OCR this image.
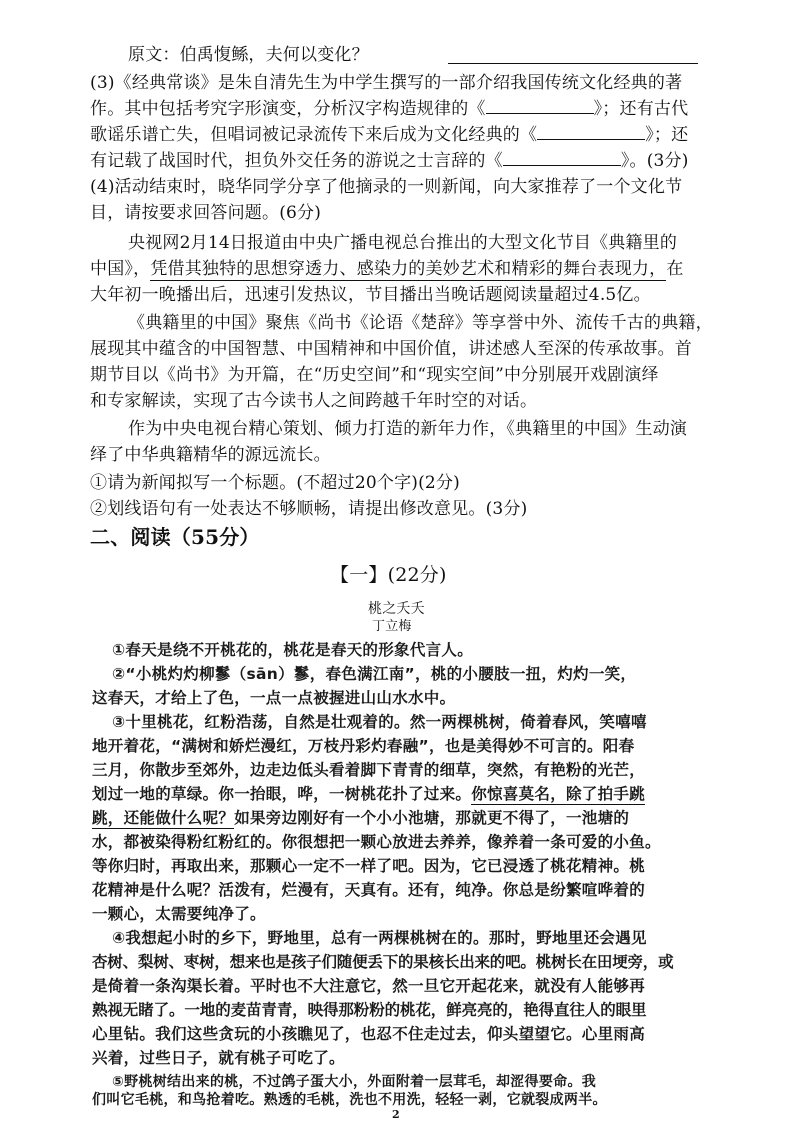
原文：伯禹愎鲧，夫何以变化？
(3)《经典常谈》是朱自清先生为中学生撰写的一部介绍我国传统文化经典的著
作。其中包括考究字形演变，分析汉字构造规律的《	》；还有古代
歌谣乐谱亡失，但唱词被记录流传下来后成为文化经典的《	》；还
有记载了战国时代，担负外交任务的游说之士言辞的《	》。(3分)
(4)活动结束时，晓华同学分享了他摘录的一则新闻，向大家推荐了一个文化节
目，请按要求回答问题。(6分)
央视网2月14日报道由中央广播电视总台推出的大型文化节目《典籍里的
中国》，凭借其独特的思想穿透力、感染力的美妙艺术和精彩的舞台表现力，在
大年初一晚播出后，迅速引发热议，节目播出当晚话题阅读量超过4.5亿。
《典籍里的中国》聚焦《尚书《论语《楚辞》等享誉中外、流传千古的典籍，
展现其中蕴含的中国智慧、中国精神和中国价值，讲述感人至深的传承故事。首
期节目以《尚书》为开篇，在“历史空间”和“现实空间”中分别展开戏剧演绎
和专家解读，实现了古今读书人之间跨越千年时空的对话。
作为中央电视台精心策划、倾力打造的新年力作，《典籍里的中国》生动演
绎了中华典籍精华的源远流长。
①请为新闻拟写一个标题。(不超过20个字)(2分)
②划线语句有一处表达不够顺畅，请提出修改意见。(3分)
二、阅读（55分）
【一】(22分)
桃之夭夭
丁立梅
①春天是绕不开桃花的，桃花是春天的形象代言人。
②“小桃灼灼柳鬖（sān）鬖，春色满江南”，桃的小腰肢一扭，灼灼一笑，
这春天，才给上了色，一点一点被握进山山水水中。
③十里桃花，红粉浩荡，自然是壮观着的。然一两棵桃树，倚着春风，笑嘻嘻
地开着花，“满树和娇烂漫红，万枝丹彩灼春融”，也是美得妙不可言的。阳春
三月，你散步至郊外，边走边低头看着脚下青青的细草，突然，有艳粉的光芒，
划过一地的草绿。你一抬眼，哗，一树桃花扑了过来。你惊喜莫名，除了拍手跳
跳，还能做什么呢？如果旁边刚好有一个小小池塘，那就更不得了，一池塘的
水，都被染得粉红粉红的。你很想把一颗心放进去养养，像养着一条可爱的小鱼。
等你归时，再取出来，那颗心一定不一样了吧。因为，它已浸透了桃花精神。桃
花精神是什么呢？活泼有，烂漫有，天真有。还有，纯净。你总是纷繁喧哗着的
一颗心，太需要纯净了。
④我想起小时的乡下，野地里，总有一两棵桃树在的。那时，野地里还会遇见
杏树、梨树、枣树，想来也是孩子们随便丢下的果核长出来的吧。桃树长在田埂旁，或
是倚着一条沟渠长着。平时也不大注意它，然一旦它开起花来，就没有人能够再
熟视无睹了。一地的麦苗青青，映得那粉粉的桃花，鲜亮亮的，艳得直往人的眼里
心里钻。我们这些贪玩的小孩瞧见了，也忍不住走过去，仰头望望它。心里雨高
兴着，过些日子，就有桃子可吃了。
⑤野桃树结出来的桃，不过鸽子蛋大小，外面附着一层茸毛，却涩得要命。我
们叫它毛桃，和鸟抢着吃。熟透的毛桃，洗也不用洗，轻轻一剥，它就裂成两半。
2
